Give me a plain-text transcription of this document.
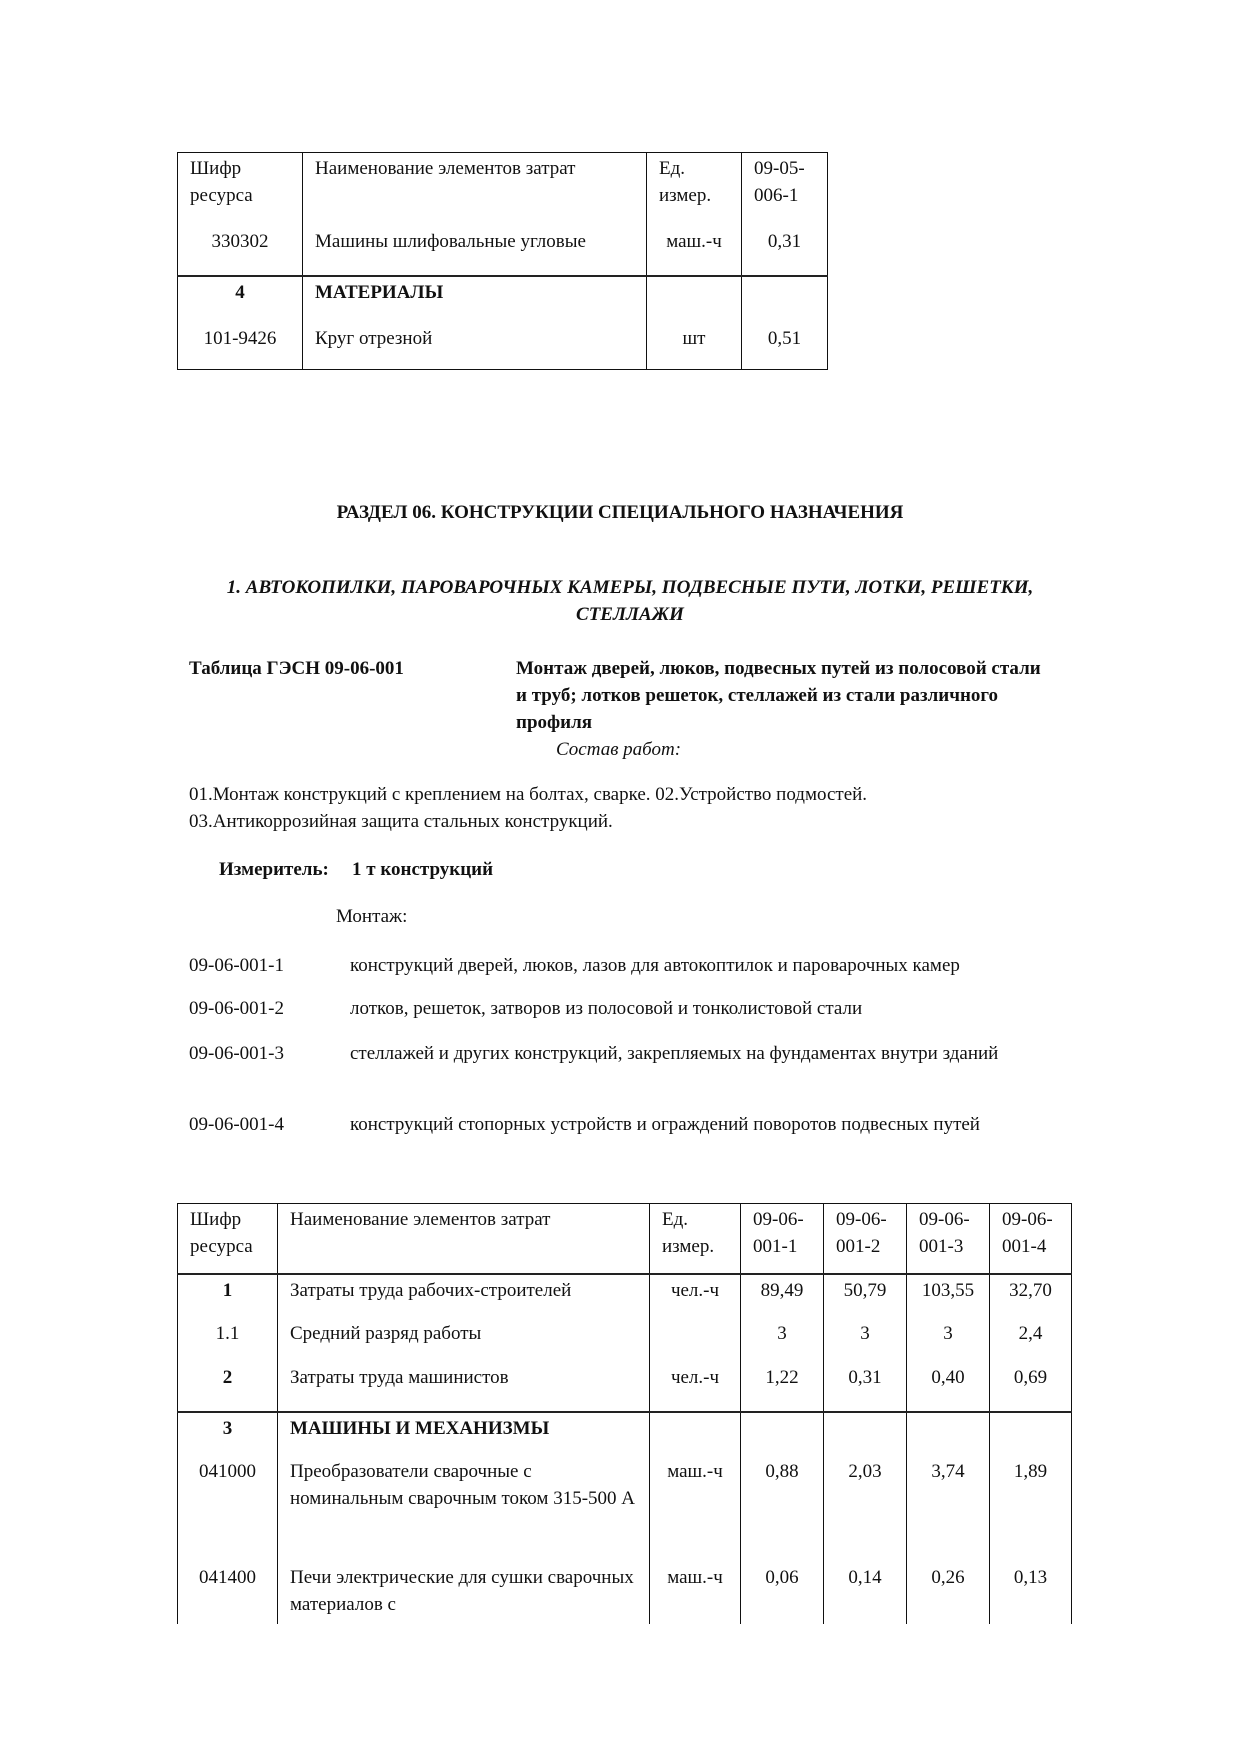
Шифр ресурса	Наименование элементов затрат	Ед. измер.	09-05-006-1
330302	Машины шлифовальные угловые	маш.-ч	0,31
4	МАТЕРИАЛЫ		
101-9426	Круг отрезной	шт	0,51
РАЗДЕЛ 06. КОНСТРУКЦИИ СПЕЦИАЛЬНОГО НАЗНАЧЕНИЯ
1. АВТОКОПИЛКИ, ПАРОВАРОЧНЫХ КАМЕРЫ, ПОДВЕСНЫЕ ПУТИ, ЛОТКИ, РЕШЕТКИ, СТЕЛЛАЖИ
Таблица ГЭСН 09-06-001	Монтаж дверей, люков, подвесных путей из полосовой стали и труб; лотков решеток, стеллажей из стали различного профиля
Состав работ:
01.Монтаж конструкций с креплением на болтах, сварке. 02.Устройство подмостей. 03.Антикоррозийная защита стальных конструкций.
Измеритель: 1 т конструкций
Монтаж:
09-06-001-1	конструкций дверей, люков, лазов для автокоптилок и пароварочных камер
09-06-001-2	лотков, решеток, затворов из полосовой и тонколистовой стали
09-06-001-3	стеллажей и других конструкций, закрепляемых на фундаментах внутри зданий
09-06-001-4	конструкций стопорных устройств и ограждений поворотов подвесных путей
Шифр ресурса	Наименование элементов затрат	Ед. измер.	09-06-001-1	09-06-001-2	09-06-001-3	09-06-001-4
1	Затраты труда рабочих-строителей	чел.-ч	89,49	50,79	103,55	32,70
1.1	Средний разряд работы		3	3	3	2,4
2	Затраты труда машинистов	чел.-ч	1,22	0,31	0,40	0,69
3	МАШИНЫ И МЕХАНИЗМЫ					
041000	Преобразователи сварочные с номинальным сварочным током 315-500 А	маш.-ч	0,88	2,03	3,74	1,89
041400	Печи электрические для сушки сварочных материалов с	маш.-ч	0,06	0,14	0,26	0,13
